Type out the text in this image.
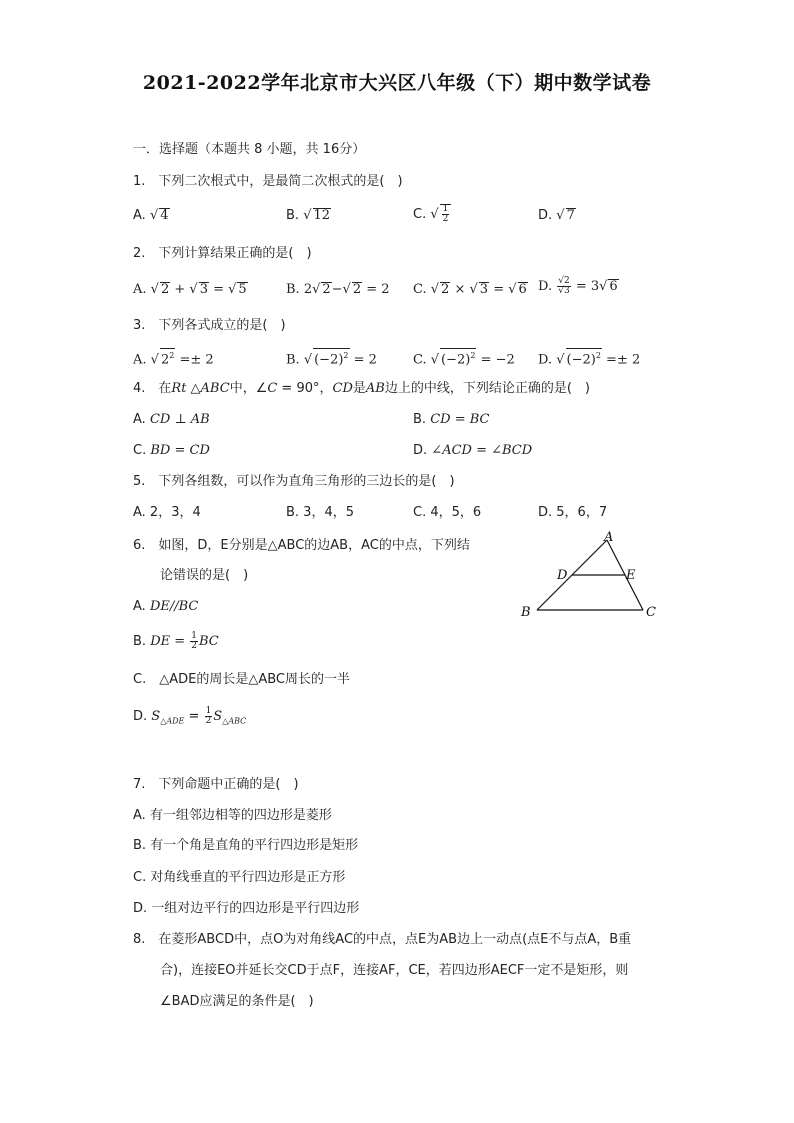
2021-2022学年北京市大兴区八年级（下）期中数学试卷
一．选择题（本题共 8 小题，共 16分）
1.　下列二次根式中，是最简二次根式的是(　)
A. √ 4	B. √ 12	C. √ $\frac{1}{2}$	D. √ 7
2.　下列计算结果正确的是(　)
A. √ 2 + √ 3 = √ 5	B. 2√ 2−√ 2 = 2 C. √ 2 × √ 3 = √ 6 D. $\frac{√2}{√3} = 3√$ 6
3.　下列各式成立的是(　)
A. √ $2^2 =\pm 2$	B. √ $(-2)^2 = 2$	C. √ $(-2)^2 = -2$ D. √ $(-2)^2 =\pm 2$
4.　在Rt △ABC中，∠C = 90°，CD是AB边上的中线，下列结论正确的是(　)
A. CD ⊥ AB	B. CD = BC
C. BD = CD	D. ∠ACD = ∠BCD
5.　下列各组数，可以作为直角三角形的三边长的是(　)
A. 2，3，4	B. 3，4，5	C. 4，5，6	D. 5，6，7
6.　如图，D，E分别是△ABC的边AB，AC的中点，下列结
论错误的是(　)
A. DE//BC
B. DE = $\frac{1}{2}$ BC
C.　△ADE的周长是△ABC周长的一半
D. $S_{\triangle ADE} = \frac{1}{2} S_{\triangle ABC}$
A
D	E
B	C
7.　下列命题中正确的是(　)
A. 有一组邻边相等的四边形是菱形
B. 有一个角是直角的平行四边形是矩形
C. 对角线垂直的平行四边形是正方形
D. 一组对边平行的四边形是平行四边形
8.　在菱形ABCD中，点O为对角线AC的中点，点E为AB边上一动点(点E不与点A，B重
合)，连接EO并延长交CD于点F，连接AF，CE，若四边形AECF一定不是矩形，则
∠BAD应满足的条件是(　)
